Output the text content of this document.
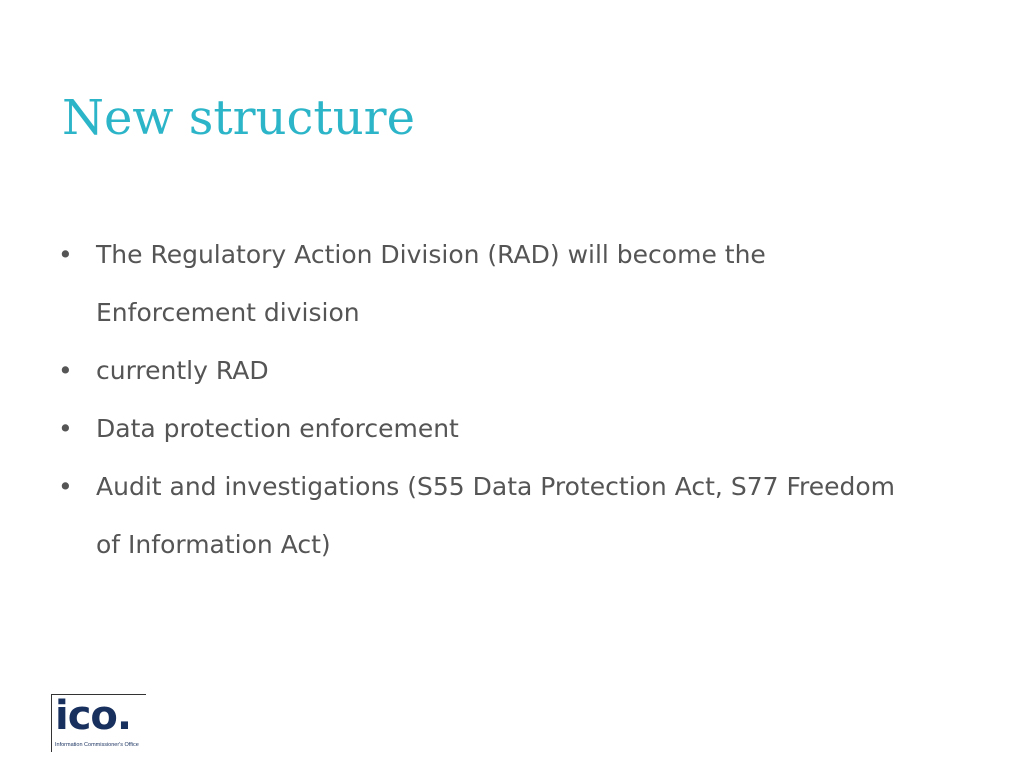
New structure
• The Regulatory Action Division (RAD) will become the Enforcement division
• currently RAD
• Data protection enforcement
• Audit and investigations (S55 Data Protection Act, S77 Freedom of Information Act)
ico.
Information Commissioner's Office
